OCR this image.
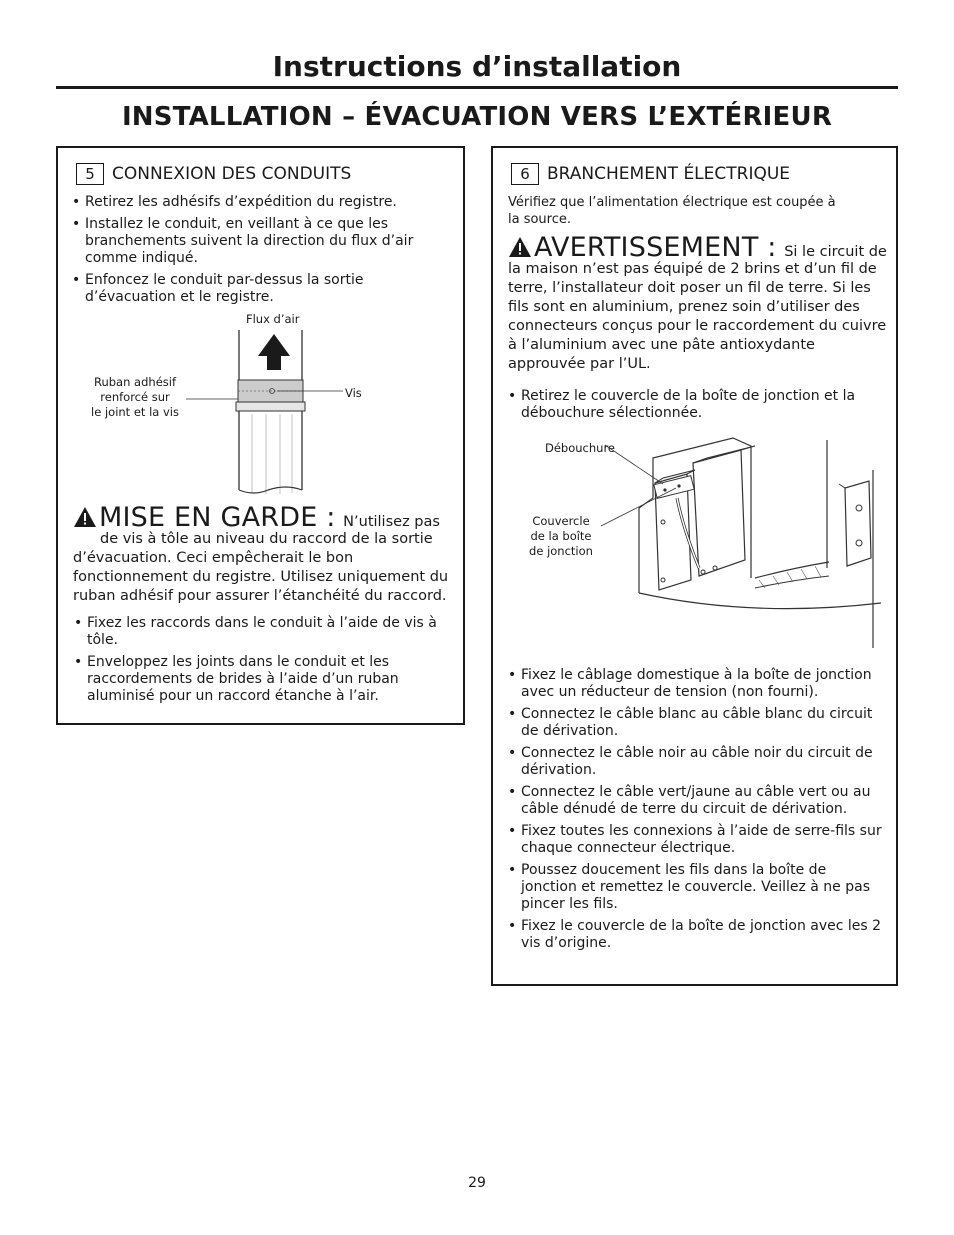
Instructions d’installation
INSTALLATION – ÉVACUATION VERS L’EXTÉRIEUR
5	CONNEXION DES CONDUITS
• Retirez les adhésifs d’expédition du registre.
• Installez le conduit, en veillant à ce que les branchements suivent la direction du flux d’air comme indiqué.
• Enfoncez le conduit par-dessus la sortie d’évacuation et le registre.
Flux d’air
Ruban adhésif
renforcé sur
le joint et la vis
Vis
MISE EN GARDE : N’utilisez pas
de vis à tôle au niveau du raccord de la sortie d’évacuation. Ceci empêcherait le bon fonctionnement du registre. Utilisez uniquement du ruban adhésif pour assurer l’étanchéité du raccord.
• Fixez les raccords dans le conduit à l’aide de vis à tôle.
• Enveloppez les joints dans le conduit et les raccordements de brides à l’aide d’un ruban aluminisé pour un raccord étanche à l’air.
6	BRANCHEMENT ÉLECTRIQUE
Vérifiez que l’alimentation électrique est coupée à la source.
AVERTISSEMENT : Si le circuit de
la maison n’est pas équipé de 2 brins et d’un fil de terre, l’installateur doit poser un fil de terre. Si les fils sont en aluminium, prenez soin d’utiliser des connecteurs conçus pour le raccordement du cuivre à l’aluminium avec une pâte antioxydante approuvée par l’UL.
• Retirez le couvercle de la boîte de jonction et la débouchure sélectionnée.
Débouchure
Couvercle
de la boîte
de jonction
• Fixez le câblage domestique à la boîte de jonction avec un réducteur de tension (non fourni).
• Connectez le câble blanc au câble blanc du circuit de dérivation.
• Connectez le câble noir au câble noir du circuit de dérivation.
• Connectez le câble vert/jaune au câble vert ou au câble dénudé de terre du circuit de dérivation.
• Fixez toutes les connexions à l’aide de serre-fils sur chaque connecteur électrique.
• Poussez doucement les fils dans la boîte de jonction et remettez le couvercle. Veillez à ne pas pincer les fils.
• Fixez le couvercle de la boîte de jonction avec les 2 vis d’origine.
29
